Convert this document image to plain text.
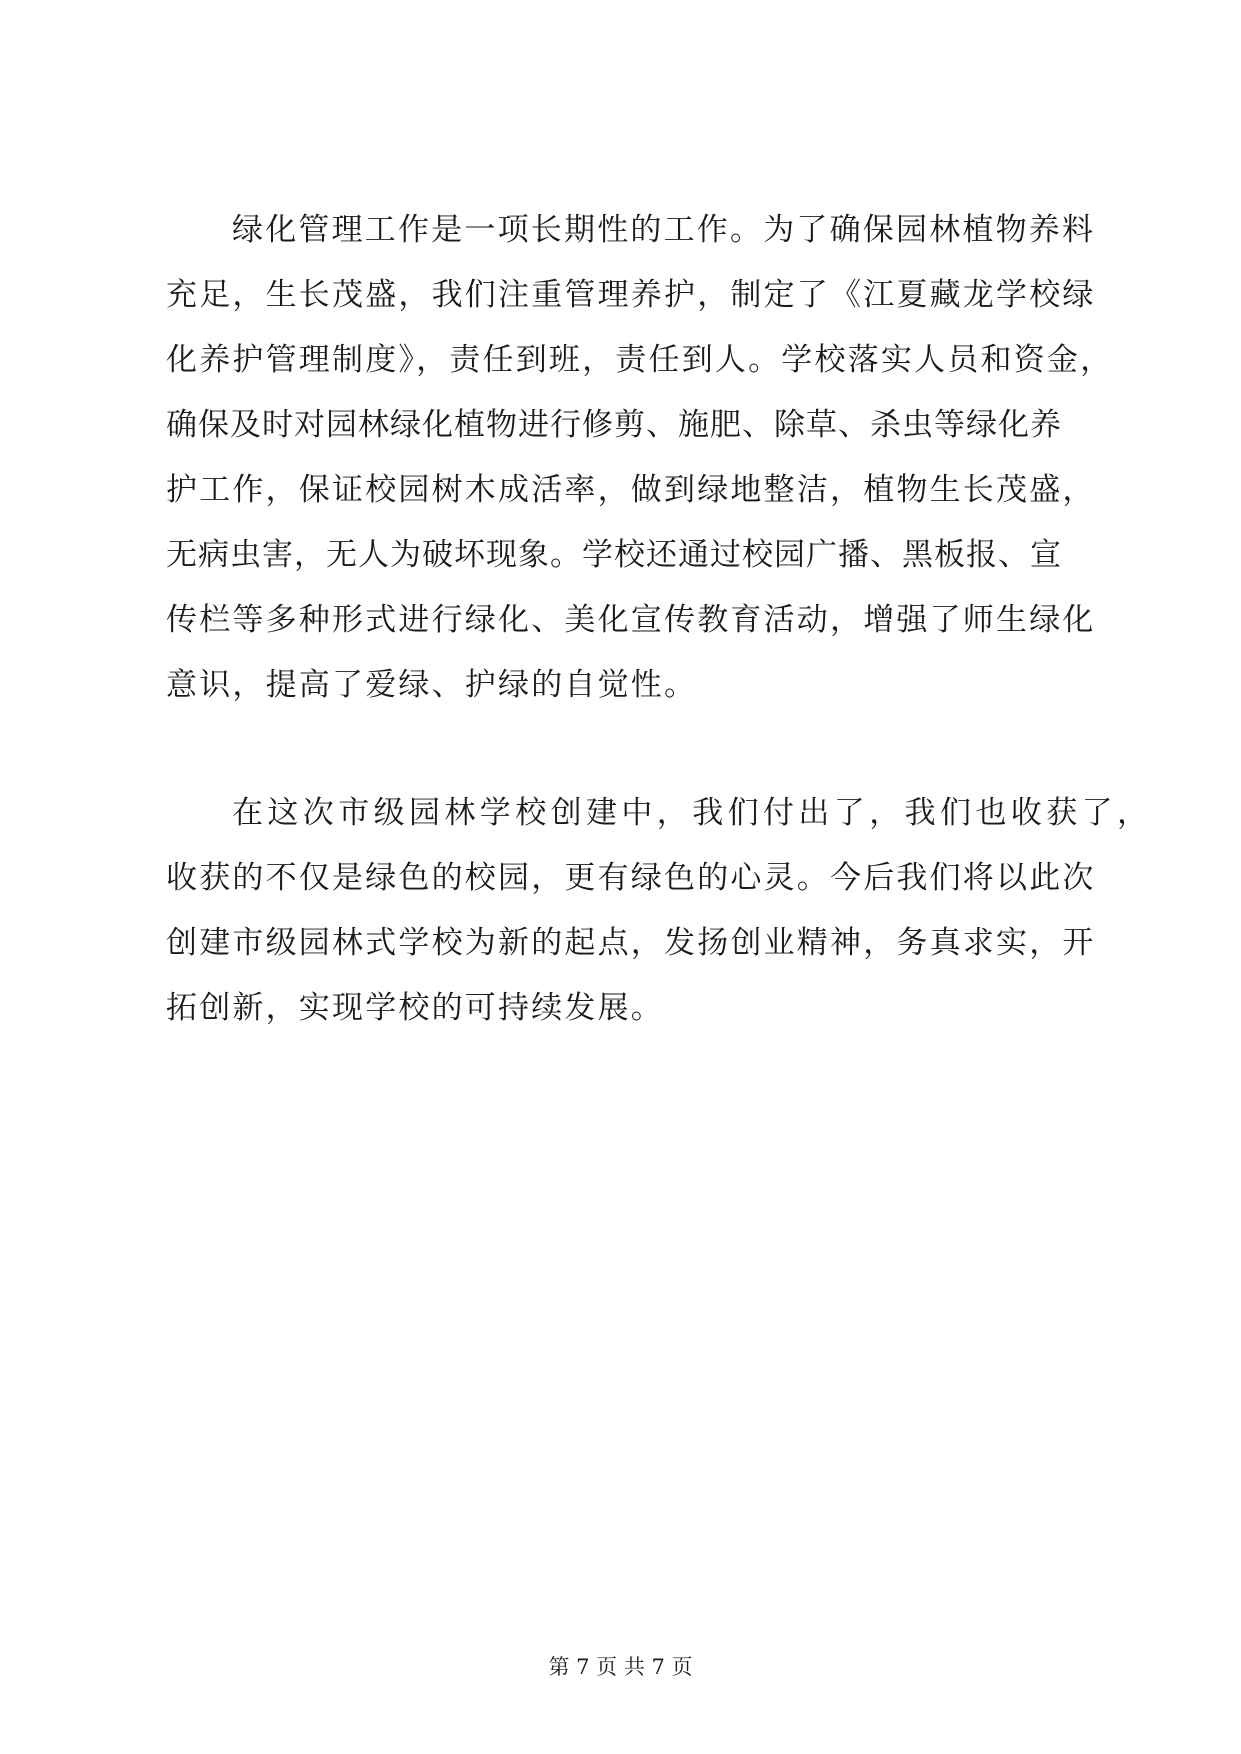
绿化管理工作是一项长期性的工作。为了确保园林植物养料
充足，生长茂盛，我们注重管理养护，制定了《江夏藏龙学校绿
化养护管理制度》，责任到班，责任到人。学校落实人员和资金，
确保及时对园林绿化植物进行修剪、施肥、除草、杀虫等绿化养
护工作，保证校园树木成活率，做到绿地整洁，植物生长茂盛，
无病虫害，无人为破坏现象。学校还通过校园广播、黑板报、宣
传栏等多种形式进行绿化、美化宣传教育活动，增强了师生绿化
意识，提高了爱绿、护绿的自觉性。
在这次市级园林学校创建中，我们付出了，我们也收获了，
收获的不仅是绿色的校园，更有绿色的心灵。今后我们将以此次
创建市级园林式学校为新的起点，发扬创业精神，务真求实，开
拓创新，实现学校的可持续发展。
第 7 页 共 7 页
